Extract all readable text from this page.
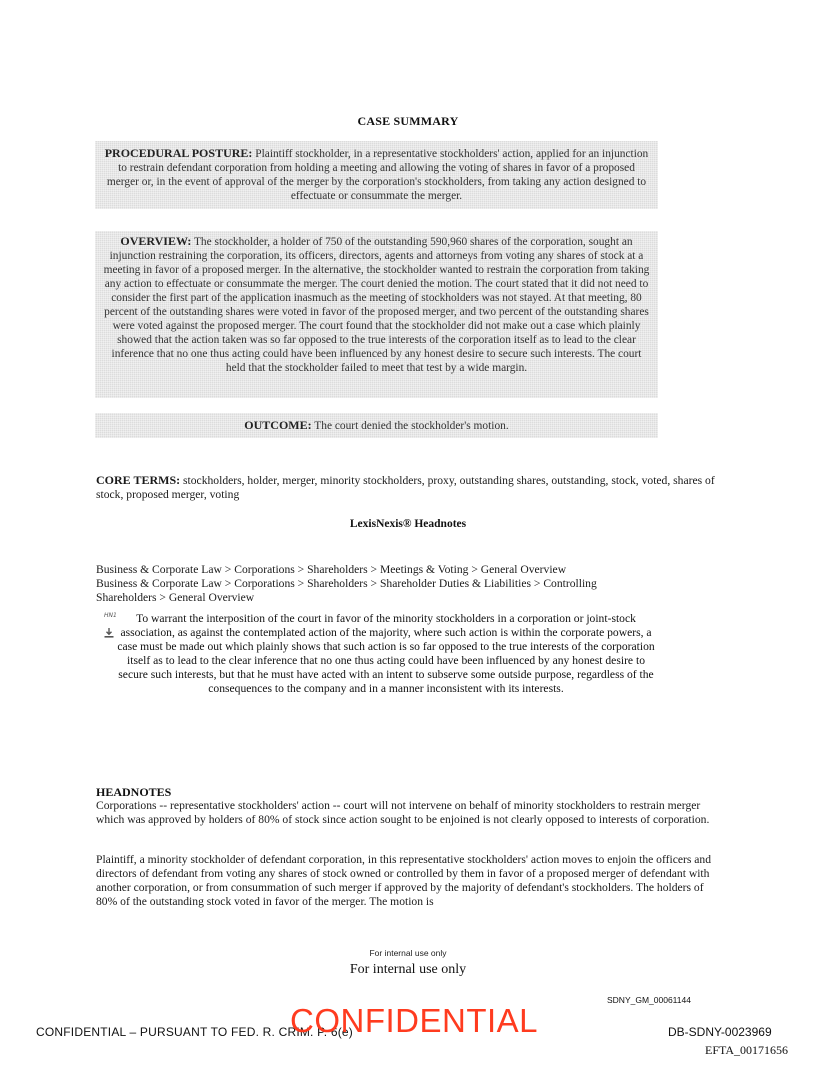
CASE SUMMARY
PROCEDURAL POSTURE: Plaintiff stockholder, in a representative stockholders' action, applied for an injunction to restrain defendant corporation from holding a meeting and allowing the voting of shares in favor of a proposed merger or, in the event of approval of the merger by the corporation's stockholders, from taking any action designed to effectuate or consummate the merger.
OVERVIEW: The stockholder, a holder of 750 of the outstanding 590,960 shares of the corporation, sought an injunction restraining the corporation, its officers, directors, agents and attorneys from voting any shares of stock at a meeting in favor of a proposed merger. In the alternative, the stockholder wanted to restrain the corporation from taking any action to effectuate or consummate the merger. The court denied the motion. The court stated that it did not need to consider the first part of the application inasmuch as the meeting of stockholders was not stayed. At that meeting, 80 percent of the outstanding shares were voted in favor of the proposed merger, and two percent of the outstanding shares were voted against the proposed merger. The court found that the stockholder did not make out a case which plainly showed that the action taken was so far opposed to the true interests of the corporation itself as to lead to the clear inference that no one thus acting could have been influenced by any honest desire to secure such interests. The court held that the stockholder failed to meet that test by a wide margin.
OUTCOME: The court denied the stockholder's motion.
CORE TERMS: stockholders, holder, merger, minority stockholders, proxy, outstanding shares, outstanding, stock, voted, shares of stock, proposed merger, voting
LexisNexis® Headnotes
Business & Corporate Law > Corporations > Shareholders > Meetings & Voting > General Overview
Business & Corporate Law > Corporations > Shareholders > Shareholder Duties & Liabilities > Controlling Shareholders > General Overview
HN1	To warrant the interposition of the court in favor of the minority stockholders in a corporation or joint-stock association, as against the contemplated action of the majority, where such action is within the corporate powers, a case must be made out which plainly shows that such action is so far opposed to the true interests of the corporation itself as to lead to the clear inference that no one thus acting could have been influenced by any honest desire to secure such interests, but that he must have acted with an intent to subserve some outside purpose, regardless of the consequences to the company and in a manner inconsistent with its interests.
HEADNOTES
Corporations -- representative stockholders' action -- court will not intervene on behalf of minority stockholders to restrain merger which was approved by holders of 80% of stock since action sought to be enjoined is not clearly opposed to interests of corporation.
Plaintiff, a minority stockholder of defendant corporation, in this representative stockholders' action moves to enjoin the officers and directors of defendant from voting any shares of stock owned or controlled by them in favor of a proposed merger of defendant with another corporation, or from consummation of such merger if approved by the majority of defendant's stockholders. The holders of 80% of the outstanding stock voted in favor of the merger. The motion is
For internal use only
For internal use only
SDNY_GM_00061144
CONFIDENTIAL – PURSUANT TO FED. R. CRIM. P. 6(e)
CONFIDENTIAL	DB-SDNY-0023969
EFTA_00171656
